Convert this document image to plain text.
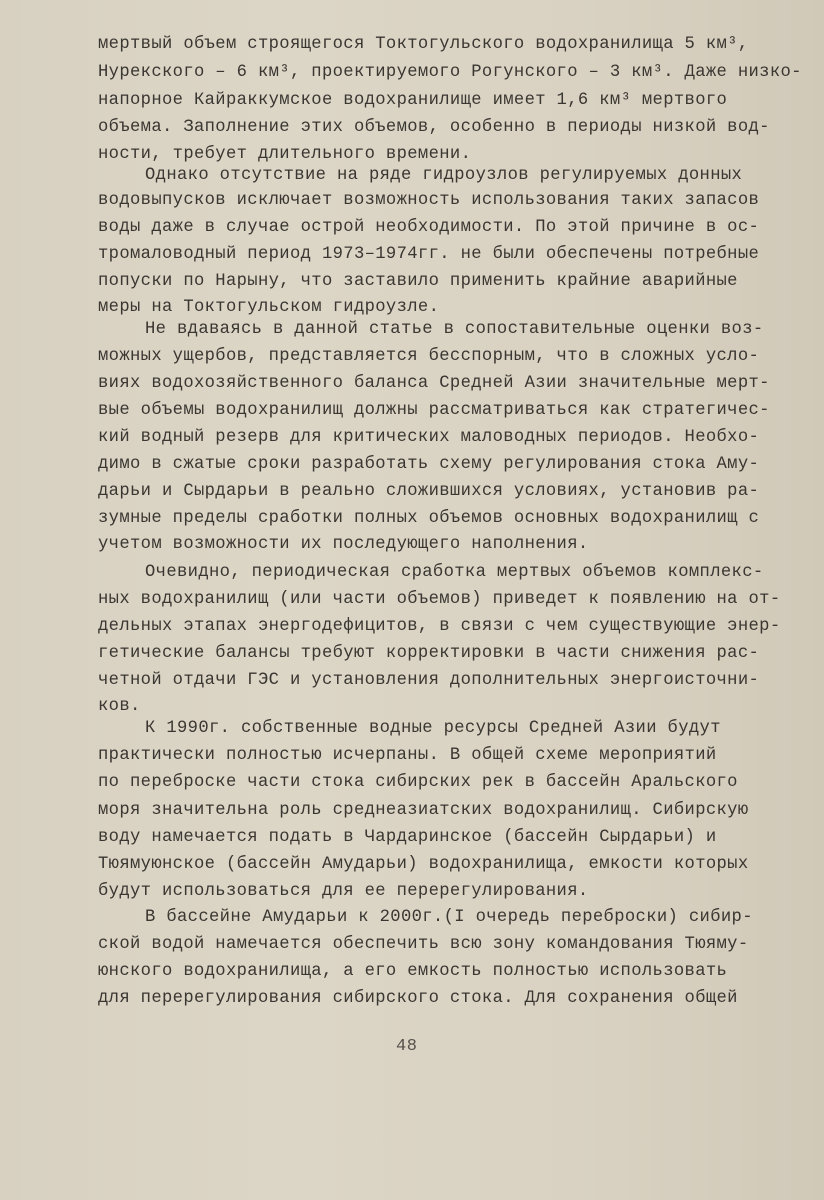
мертвый объем строящегося Токтогульского водохранилища 5 км³,
Нурекского – 6 км³, проектируемого Рогунского – 3 км³. Даже низко-
напорное Кайраккумское водохранилище имеет 1,6 км³ мертвого
объема. Заполнение этих объемов, особенно в периоды низкой вод-
ности, требует длительного времени.
Однако отсутствие на ряде гидроузлов регулируемых донных
водовыпусков исключает возможность использования таких запасов
воды даже в случае острой необходимости. По этой причине в ос-
тромаловодный период 1973–1974гг. не были обеспечены потребные
попуски по Нарыну, что заставило применить крайние аварийные
меры на Токтогульском гидроузле.
Не вдаваясь в данной статье в сопоставительные оценки воз-
можных ущербов, представляется бесспорным, что в сложных усло-
виях водохозяйственного баланса Средней Азии значительные мерт-
вые объемы водохранилищ должны рассматриваться как стратегичес-
кий водный резерв для критических маловодных периодов. Необхо-
димо в сжатые сроки разработать схему регулирования стока Аму-
дарьи и Сырдарьи в реально сложившихся условиях, установив ра-
зумные пределы сработки полных объемов основных водохранилищ с
учетом возможности их последующего наполнения.
Очевидно, периодическая сработка мертвых объемов комплекс-
ных водохранилищ (или части объемов) приведет к появлению на от-
дельных этапах энергодефицитов, в связи с чем существующие энер-
гетические балансы требуют корректировки в части снижения рас-
четной отдачи ГЭС и установления дополнительных энергоисточни-
ков.
К 1990г. собственные водные ресурсы Средней Азии будут
практически полностью исчерпаны. В общей схеме мероприятий
по переброске части стока сибирских рек в бассейн Аральского
моря значительна роль среднеазиатских водохранилищ. Сибирскую
воду намечается подать в Чардаринское (бассейн Сырдарьи) и
Тюямуюнское (бассейн Амударьи) водохранилища, емкости которых
будут использоваться для ее перерегулирования.
В бассейне Амударьи к 2000г.(I очередь переброски) сибир-
ской водой намечается обеспечить всю зону командования Тюяму-
юнского водохранилища, а его емкость полностью использовать
для перерегулирования сибирского стока. Для сохранения общей
48
